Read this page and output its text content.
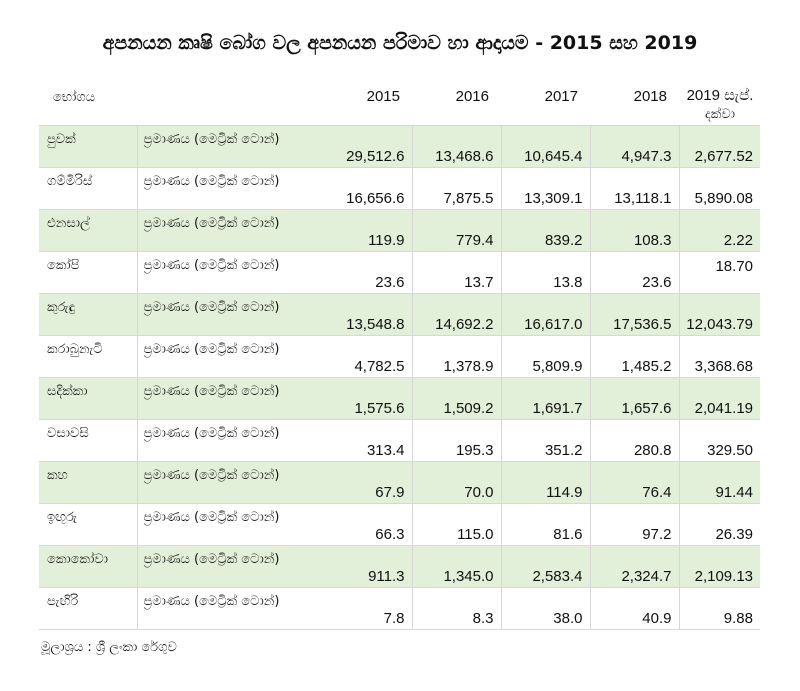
අපනයන කෘෂි බෝග වල අපනයන පරිමාව හා ආදායම - 2015 සහ 2019
භෝගය		2015	2016	2017	2018	2019 සැප්.
දක්වා

පුවක්	ප්‍රමාණය (මෙට්‍රික් ටොන්)	29,512.6	13,468.6	10,645.4	4,947.3	2,677.52
ගම්මිරිස්	ප්‍රමාණය (මෙට්‍රික් ටොන්)	16,656.6	7,875.5	13,309.1	13,118.1	5,890.08
එනසාල්	ප්‍රමාණය (මෙට්‍රික් ටොන්)	119.9	779.4	839.2	108.3	2.22
කෝපි	ප්‍රමාණය (මෙට්‍රික් ටොන්)	23.6	13.7	13.8	23.6	18.70
කුරුඳු	ප්‍රමාණය (මෙට්‍රික් ටොන්)	13,548.8	14,692.2	16,617.0	17,536.5	12,043.79
කරාබුනැටි	ප්‍රමාණය (මෙට්‍රික් ටොන්)	4,782.5	1,378.9	5,809.9	1,485.2	3,368.68
සදික්කා	ප්‍රමාණය (මෙට්‍රික් ටොන්)	1,575.6	1,509.2	1,691.7	1,657.6	2,041.19
වසාවසි	ප්‍රමාණය (මෙට්‍රික් ටොන්)	313.4	195.3	351.2	280.8	329.50
කහ	ප්‍රමාණය (මෙට්‍රික් ටොන්)	67.9	70.0	114.9	76.4	91.44
ඉඟුරු	ප්‍රමාණය (මෙට්‍රික් ටොන්)	66.3	115.0	81.6	97.2	26.39
කොකෝවා	ප්‍රමාණය (මෙට්‍රික් ටොන්)	911.3	1,345.0	2,583.4	2,324.7	2,109.13
පැඟිරි	ප්‍රමාණය (මෙට්‍රික් ටොන්)	7.8	8.3	38.0	40.9	9.88
මූලාශ්‍රය : ශ්‍රී ලංකා රේගුව
